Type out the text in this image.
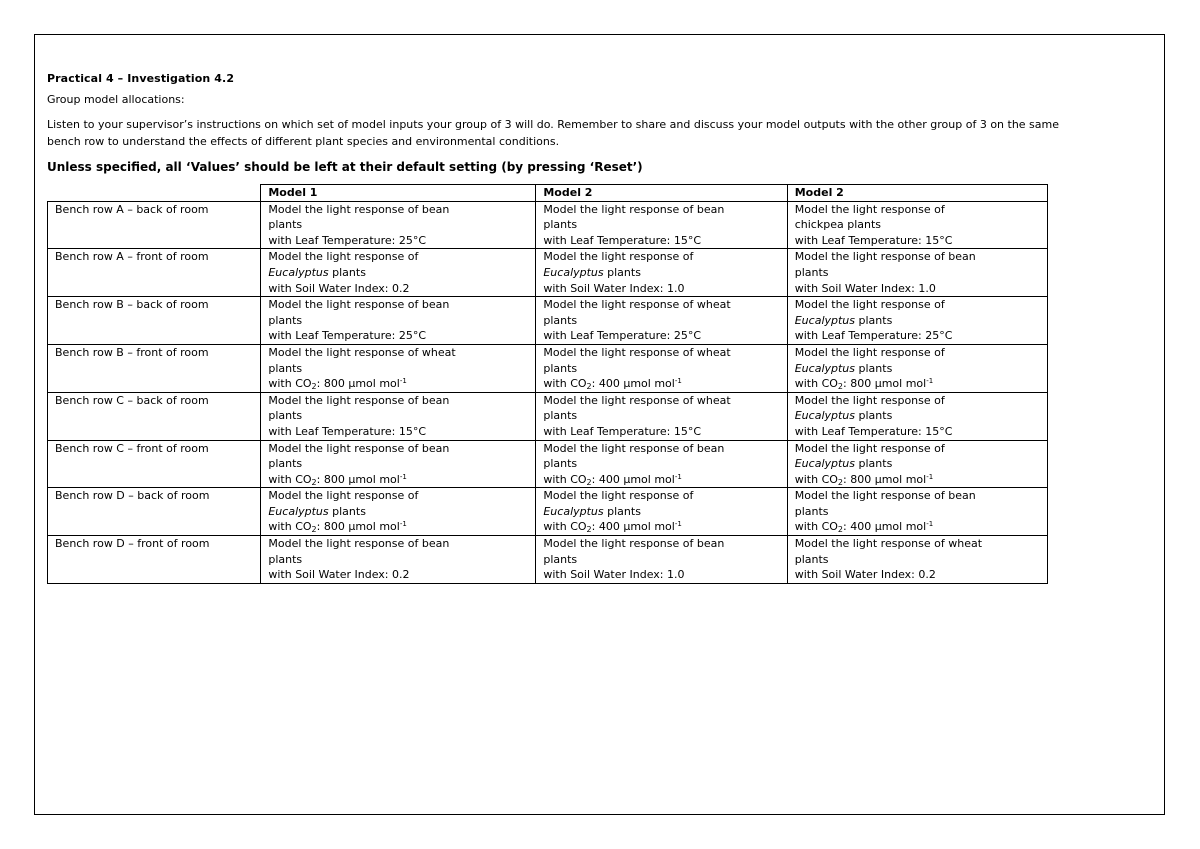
Practical 4 – Investigation 4.2

Group model allocations:

Listen to your supervisor’s instructions on which set of model inputs your group of 3 will do. Remember to share and discuss your model outputs with the other group of 3 on the same bench row to understand the effects of different plant species and environmental conditions.

Unless specified, all ‘Values’ should be left at their default setting (by pressing ‘Reset’)

	Model 1	Model 2	Model 2
Bench row A – back of room	Model the light response of bean
plants
with Leaf Temperature: 25°C	Model the light response of bean
plants
with Leaf Temperature: 15°C	Model the light response of
chickpea plants
with Leaf Temperature: 15°C

Bench row A – front of room	Model the light response of
Eucalyptus plants
with Soil Water Index: 0.2	Model the light response of
Eucalyptus plants
with Soil Water Index: 1.0	Model the light response of bean
plants
with Soil Water Index: 1.0

Bench row B – back of room	Model the light response of bean
plants
with Leaf Temperature: 25°C	Model the light response of wheat
plants
with Leaf Temperature: 25°C	Model the light response of
Eucalyptus plants
with Leaf Temperature: 25°C

Bench row B – front of room	Model the light response of wheat
plants
with $CO_2$: 800 μmol mol$^{-1}$	Model the light response of wheat
plants
with $CO_2$: 400 μmol mol$^{-1}$	Model the light response of
Eucalyptus plants
with $CO_2$: 800 μmol mol$^{-1}$

Bench row C – back of room	Model the light response of bean
plants
with Leaf Temperature: 15°C	Model the light response of wheat
plants
with Leaf Temperature: 15°C	Model the light response of
Eucalyptus plants
with Leaf Temperature: 15°C

Bench row C – front of room	Model the light response of bean
plants
with $CO_2$: 800 μmol mol$^{-1}$	Model the light response of bean
plants
with $CO_2$: 400 μmol mol$^{-1}$	Model the light response of
Eucalyptus plants
with $CO_2$: 800 μmol mol$^{-1}$

Bench row D – back of room	Model the light response of
Eucalyptus plants
with $CO_2$: 800 μmol mol$^{-1}$	Model the light response of
Eucalyptus plants
with $CO_2$: 400 μmol mol$^{-1}$	Model the light response of bean
plants
with $CO_2$: 400 μmol mol$^{-1}$

Bench row D – front of room	Model the light response of bean
plants
with Soil Water Index: 0.2	Model the light response of bean
plants
with Soil Water Index: 1.0	Model the light response of wheat
plants
with Soil Water Index: 0.2
